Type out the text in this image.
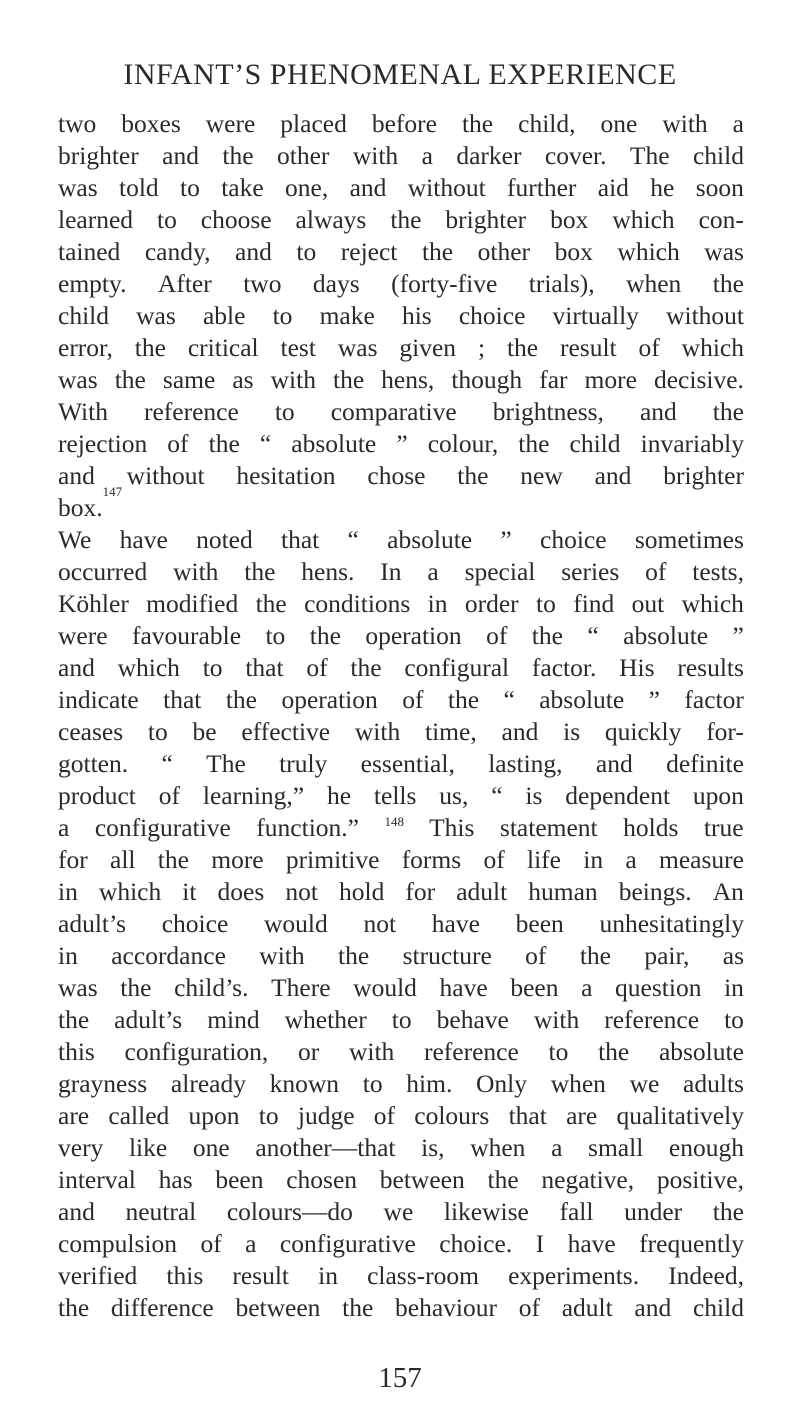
INFANT’S PHENOMENAL EXPERIENCE
two boxes were placed before the child, one with a
brighter and the other with a darker cover. The child
was told to take one, and without further aid he soon
learned to choose always the brighter box which con-
tained candy, and to reject the other box which was
empty. After two days (forty-five trials), when the
child was able to make his choice virtually without
error, the critical test was given ; the result of which
was the same as with the hens, though far more decisive.
With reference to comparative brightness, and the
rejection of the “ absolute ” colour, the child invariably
and without hesitation chose the new and brighter
box.
147
We have noted that “ absolute ” choice sometimes
occurred with the hens. In a special series of tests,
Köhler modified the conditions in order to find out which
were favourable to the operation of the “ absolute ”
and which to that of the configural factor. His results
indicate that the operation of the “ absolute ” factor
ceases to be effective with time, and is quickly for-
gotten. “ The truly essential, lasting, and definite
product of learning,” he tells us, “ is dependent upon
a configurative function.” $^{148}$ This statement holds true
for all the more primitive forms of life in a measure
in which it does not hold for adult human beings. An
adult’s choice would not have been unhesitatingly
in accordance with the structure of the pair, as
was the child’s. There would have been a question in
the adult’s mind whether to behave with reference to
this configuration, or with reference to the absolute
grayness already known to him. Only when we adults
are called upon to judge of colours that are qualitatively
very like one another—that is, when a small enough
interval has been chosen between the negative, positive,
and neutral colours—do we likewise fall under the
compulsion of a configurative choice. I have frequently
verified this result in class-room experiments. Indeed,
the difference between the behaviour of adult and child
157
